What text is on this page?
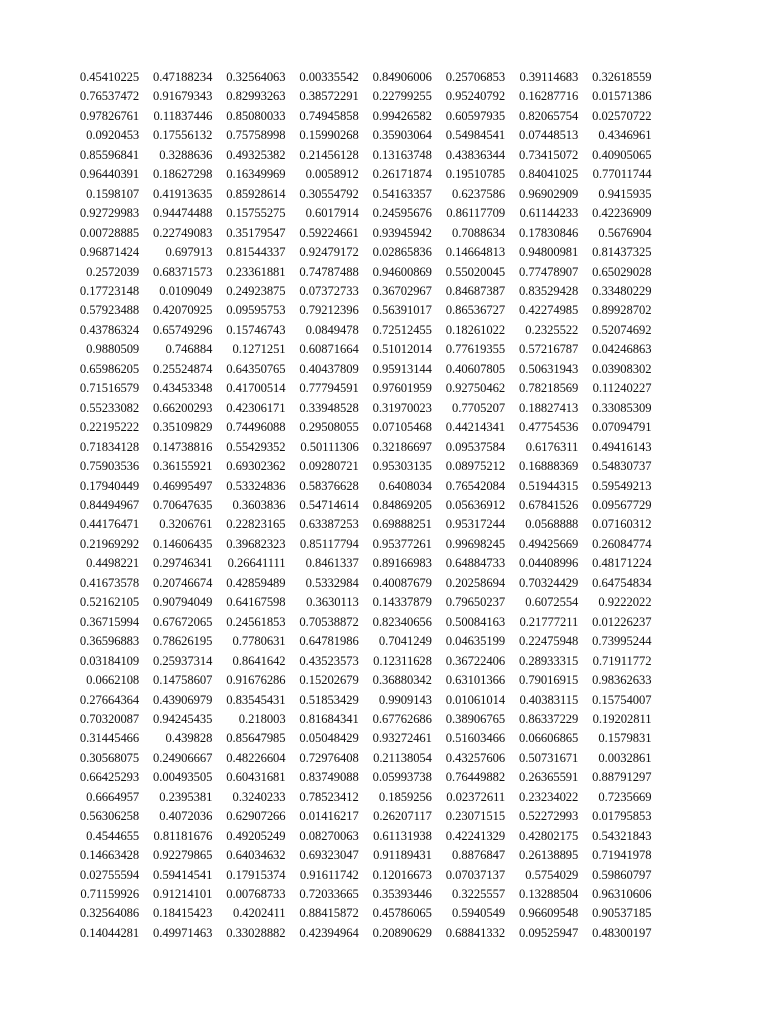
0.45410225	0.47188234	0.32564063	0.00335542	0.84906006	0.25706853	0.39114683	0.32618559
0.76537472	0.91679343	0.82993263	0.38572291	0.22799255	0.95240792	0.16287716	0.01571386
0.97826761	0.11837446	0.85080033	0.74945858	0.99426582	0.60597935	0.82065754	0.02570722
0.0920453	0.17556132	0.75758998	0.15990268	0.35903064	0.54984541	0.07448513	0.4346961
0.85596841	0.3288636	0.49325382	0.21456128	0.13163748	0.43836344	0.73415072	0.40905065
0.96440391	0.18627298	0.16349969	0.0058912	0.26171874	0.19510785	0.84041025	0.77011744
0.1598107	0.41913635	0.85928614	0.30554792	0.54163357	0.6237586	0.96902909	0.9415935
0.92729983	0.94474488	0.15755275	0.6017914	0.24595676	0.86117709	0.61144233	0.42236909
0.00728885	0.22749083	0.35179547	0.59224661	0.93945942	0.7088634	0.17830846	0.5676904
0.96871424	0.697913	0.81544337	0.92479172	0.02865836	0.14664813	0.94800981	0.81437325
0.2572039	0.68371573	0.23361881	0.74787488	0.94600869	0.55020045	0.77478907	0.65029028
0.17723148	0.0109049	0.24923875	0.07372733	0.36702967	0.84687387	0.83529428	0.33480229
0.57923488	0.42070925	0.09595753	0.79212396	0.56391017	0.86536727	0.42274985	0.89928702
0.43786324	0.65749296	0.15746743	0.0849478	0.72512455	0.18261022	0.2325522	0.52074692
0.9880509	0.746884	0.1271251	0.60871664	0.51012014	0.77619355	0.57216787	0.04246863
0.65986205	0.25524874	0.64350765	0.40437809	0.95913144	0.40607805	0.50631943	0.03908302
0.71516579	0.43453348	0.41700514	0.77794591	0.97601959	0.92750462	0.78218569	0.11240227
0.55233082	0.66200293	0.42306171	0.33948528	0.31970023	0.7705207	0.18827413	0.33085309
0.22195222	0.35109829	0.74496088	0.29508055	0.07105468	0.44214341	0.47754536	0.07094791
0.71834128	0.14738816	0.55429352	0.50111306	0.32186697	0.09537584	0.6176311	0.49416143
0.75903536	0.36155921	0.69302362	0.09280721	0.95303135	0.08975212	0.16888369	0.54830737
0.17940449	0.46995497	0.53324836	0.58376628	0.6408034	0.76542084	0.51944315	0.59549213
0.84494967	0.70647635	0.3603836	0.54714614	0.84869205	0.05636912	0.67841526	0.09567729
0.44176471	0.3206761	0.22823165	0.63387253	0.69888251	0.95317244	0.0568888	0.07160312
0.21969292	0.14606435	0.39682323	0.85117794	0.95377261	0.99698245	0.49425669	0.26084774
0.4498221	0.29746341	0.26641111	0.8461337	0.89166983	0.64884733	0.04408996	0.48171224
0.41673578	0.20746674	0.42859489	0.5332984	0.40087679	0.20258694	0.70324429	0.64754834
0.52162105	0.90794049	0.64167598	0.3630113	0.14337879	0.79650237	0.6072554	0.9222022
0.36715994	0.67672065	0.24561853	0.70538872	0.82340656	0.50084163	0.21777211	0.01226237
0.36596883	0.78626195	0.7780631	0.64781986	0.7041249	0.04635199	0.22475948	0.73995244
0.03184109	0.25937314	0.8641642	0.43523573	0.12311628	0.36722406	0.28933315	0.71911772
0.0662108	0.14758607	0.91676286	0.15202679	0.36880342	0.63101366	0.79016915	0.98362633
0.27664364	0.43906979	0.83545431	0.51853429	0.9909143	0.01061014	0.40383115	0.15754007
0.70320087	0.94245435	0.218003	0.81684341	0.67762686	0.38906765	0.86337229	0.19202811
0.31445466	0.439828	0.85647985	0.05048429	0.93272461	0.51603466	0.06606865	0.1579831
0.30568075	0.24906667	0.48226604	0.72976408	0.21138054	0.43257606	0.50731671	0.0032861
0.66425293	0.00493505	0.60431681	0.83749088	0.05993738	0.76449882	0.26365591	0.88791297
0.6664957	0.2395381	0.3240233	0.78523412	0.1859256	0.02372611	0.23234022	0.7235669
0.56306258	0.4072036	0.62907266	0.01416217	0.26207117	0.23071515	0.52272993	0.01795853
0.4544655	0.81181676	0.49205249	0.08270063	0.61131938	0.42241329	0.42802175	0.54321843
0.14663428	0.92279865	0.64034632	0.69323047	0.91189431	0.8876847	0.26138895	0.71941978
0.02755594	0.59414541	0.17915374	0.91611742	0.12016673	0.07037137	0.5754029	0.59860797
0.71159926	0.91214101	0.00768733	0.72033665	0.35393446	0.3225557	0.13288504	0.96310606
0.32564086	0.18415423	0.4202411	0.88415872	0.45786065	0.5940549	0.96609548	0.90537185
0.14044281	0.49971463	0.33028882	0.42394964	0.20890629	0.68841332	0.09525947	0.48300197
